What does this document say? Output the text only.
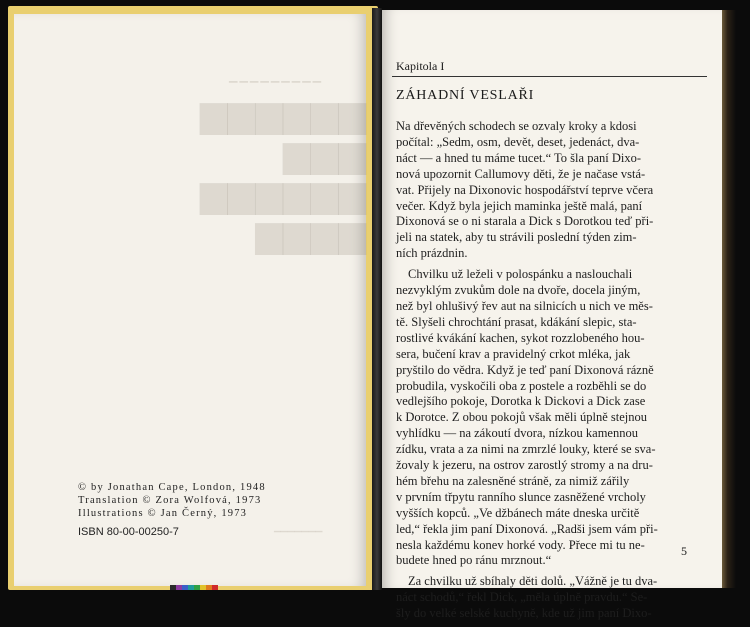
▁▁▁▁▁▁▁▁▁
▆▆▆▆▆▆ ▆▆▆
▆▆▆▆▆▆ ▆▆▆▆
▁▁▁▁▁▁▁
© by Jonathan Cape, London, 1948
Translation © Zora Wolfová, 1973
Illustrations © Jan Černý, 1973
ISBN 80-00-00250-7
Kapitola I
ZÁHADNÍ VESLAŘI
Na dřevěných schodech se ozvaly kroky a kdosi
počítal: „Sedm, osm, devět, deset, jedenáct, dva-
náct — a hned tu máme tucet.“ To šla paní Dixo-
nová upozornit Callumovy děti, že je načase vstá-
vat. Přijely na Dixonovic hospodářství teprve včera
večer. Když byla jejich maminka ještě malá, paní
Dixonová se o ni starala a Dick s Dorotkou teď při-
jeli na statek, aby tu strávili poslední týden zim-
ních prázdnin.
Chvilku už leželi v polospánku a naslouchali
nezvyklým zvukům dole na dvoře, docela jiným,
než byl ohlušivý řev aut na silnicích u nich ve měs-
tě. Slyšeli chrochtání prasat, kdákání slepic, sta-
rostlivé kvákání kachen, sykot rozzlobeného hou-
sera, bučení krav a pravidelný crkot mléka, jak
pryštilo do vědra. Když je teď paní Dixonová rázně
probudila, vyskočili oba z postele a rozběhli se do
vedlejšího pokoje, Dorotka k Dickovi a Dick zase
k Dorotce. Z obou pokojů však měli úplně stejnou
vyhlídku — na zákoutí dvora, nízkou kamennou
zídku, vrata a za nimi na zmrzlé louky, které se sva-
žovaly k jezeru, na ostrov zarostlý stromy a na dru-
hém břehu na zalesněné stráně, za nimiž zářily
v prvním třpytu ranního slunce zasněžené vrcholy
vyšších kopců. „Ve džbánech máte dneska určitě
led,“ řekla jim paní Dixonová. „Radši jsem vám při-
nesla každému konev horké vody. Přece mi tu ne-
budete hned po ránu mrznout.“
Za chvilku už sbíhaly děti dolů. „Vážně je tu dva-
náct schodů,“ řekl Dick, „měla úplně pravdu.“ Se-
šly do velké selské kuchyně, kde už jim paní Dixo-
5
